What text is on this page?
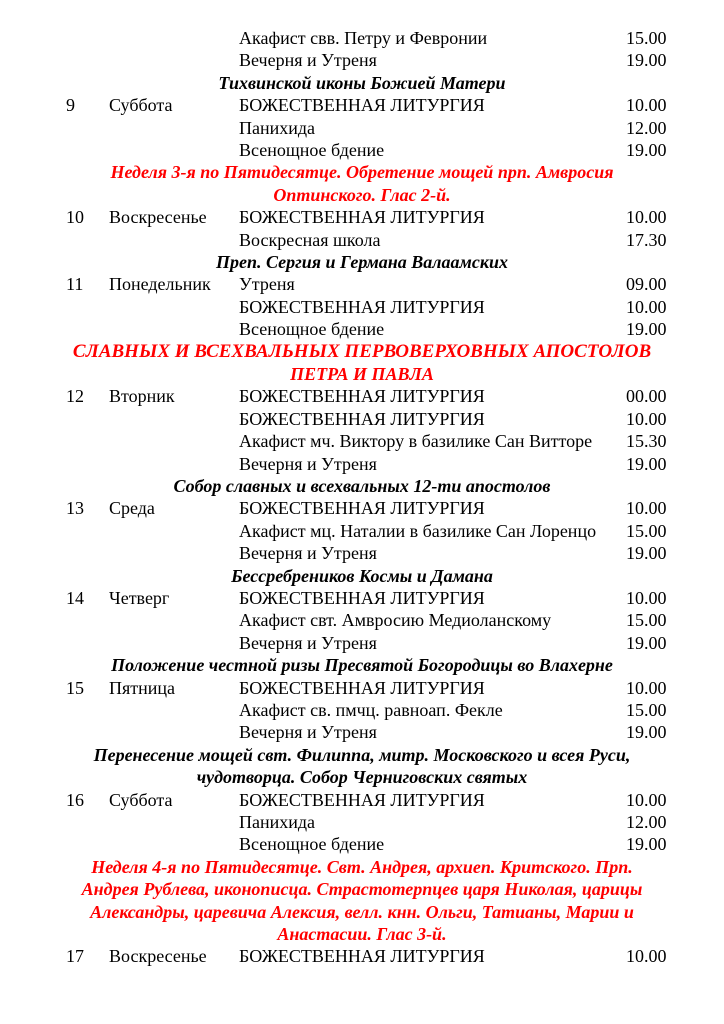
Акафист свв. Петру и Февронии	15.00
Вечерня и Утреня	19.00
Тихвинской иконы Божией Матери
9 Суббота	БОЖЕСТВЕННАЯ ЛИТУРГИЯ	10.00
Панихида	12.00
Всенощное бдение	19.00
Неделя 3-я по Пятидесятце. Обретение мощей прп. Амвросия
Оптинского. Глас 2-й.
10 Воскресенье БОЖЕСТВЕННАЯ ЛИТУРГИЯ	10.00
Воскресная школа	17.30
Преп. Сергия и Германа Валаамских
11 Понедельник Утреня	09.00
БОЖЕСТВЕННАЯ ЛИТУРГИЯ	10.00
Всенощное бдение	19.00
СЛАВНЫХ И ВСЕХВАЛЬНЫХ ПЕРВОВЕРХОВНЫХ АПОСТОЛОВ
ПЕТРА И ПАВЛА
12 Вторник	БОЖЕСТВЕННАЯ ЛИТУРГИЯ	00.00
БОЖЕСТВЕННАЯ ЛИТУРГИЯ	10.00
Акафист мч. Виктору в базилике Сан Витторе 15.30
Вечерня и Утреня	19.00
Собор славных и всехвальных 12-ти апостолов
13 Среда	БОЖЕСТВЕННАЯ ЛИТУРГИЯ	10.00
Акафист мц. Наталии в базилике Сан Лоренцо 15.00
Вечерня и Утреня	19.00
Бессребреников Космы и Дамана
14 Четверг	БОЖЕСТВЕННАЯ ЛИТУРГИЯ	10.00
Акафист свт. Амвросию Медиоланскому	15.00
Вечерня и Утреня	19.00
Положение честной ризы Пресвятой Богородицы во Влахерне
15 Пятница	БОЖЕСТВЕННАЯ ЛИТУРГИЯ	10.00
Акафист св. пмчц. равноап. Фекле	15.00
Вечерня и Утреня	19.00
Перенесение мощей свт. Филиппа, митр. Московского и всея Руси,
чудотворца. Собор Черниговских святых
16 Суббота	БОЖЕСТВЕННАЯ ЛИТУРГИЯ	10.00
Панихида	12.00
Всенощное бдение	19.00
Неделя 4-я по Пятидесятце. Свт. Андрея, архиеп. Критского. Прп.
Андрея Рублева, иконописца. Страстотерпцев царя Николая, царицы
Александры, царевича Алексия, велл. кнн. Ольги, Татианы, Марии и
Анастасии. Глас 3-й.
17 Воскресенье БОЖЕСТВЕННАЯ ЛИТУРГИЯ	10.00
